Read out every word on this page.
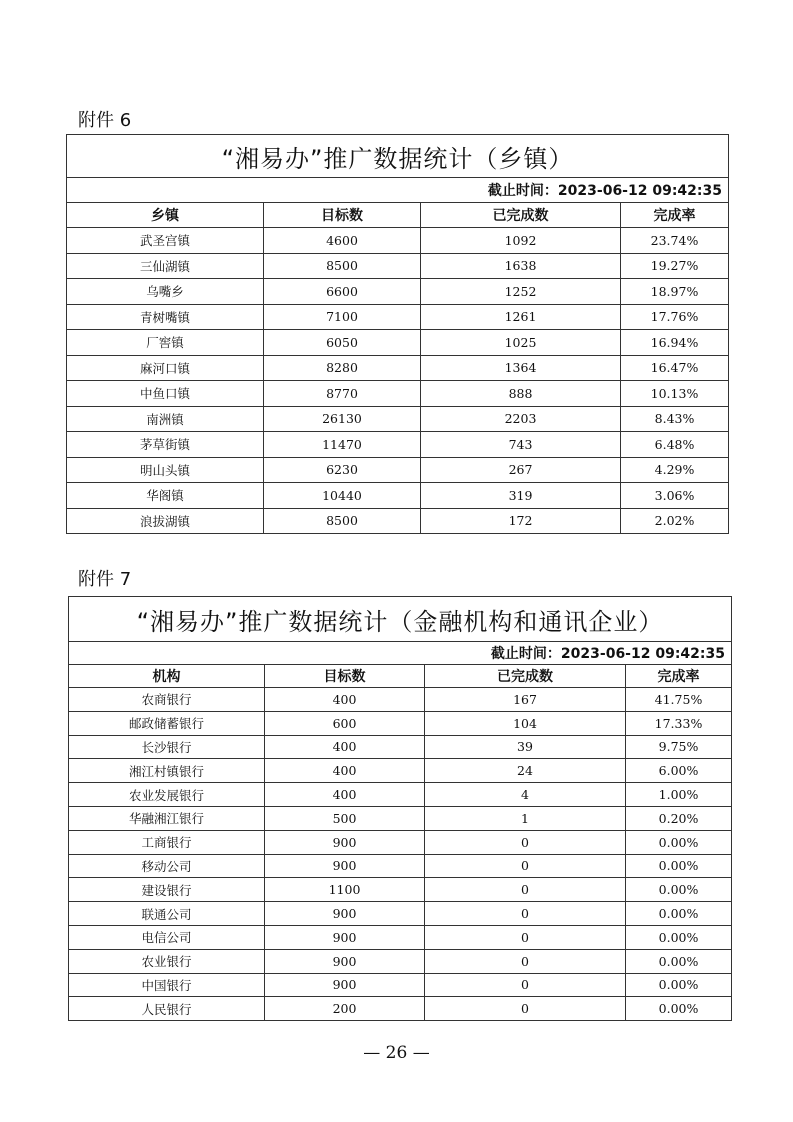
附件 6
“湘易办”推广数据统计（乡镇）			
截止时间：2023-06-12 09:42:35			
乡镇	目标数	已完成数	完成率
武圣宫镇	4600	1092	23.74%
三仙湖镇	8500	1638	19.27%
乌嘴乡	6600	1252	18.97%
青树嘴镇	7100	1261	17.76%
厂窖镇	6050	1025	16.94%
麻河口镇	8280	1364	16.47%
中鱼口镇	8770	888	10.13%
南洲镇	26130	2203	8.43%
茅草街镇	11470	743	6.48%
明山头镇	6230	267	4.29%
华阁镇	10440	319	3.06%
浪拔湖镇	8500	172	2.02%
附件 7
“湘易办”推广数据统计（金融机构和通讯企业）			
截止时间：2023-06-12 09:42:35			
机构	目标数	已完成数	完成率
农商银行	400	167	41.75%
邮政储蓄银行	600	104	17.33%
长沙银行	400	39	9.75%
湘江村镇银行	400	24	6.00%
农业发展银行	400	4	1.00%
华融湘江银行	500	1	0.20%
工商银行	900	0	0.00%
移动公司	900	0	0.00%
建设银行	1100	0	0.00%
联通公司	900	0	0.00%
电信公司	900	0	0.00%
农业银行	900	0	0.00%
中国银行	900	0	0.00%
人民银行	200	0	0.00%
— 26 —
